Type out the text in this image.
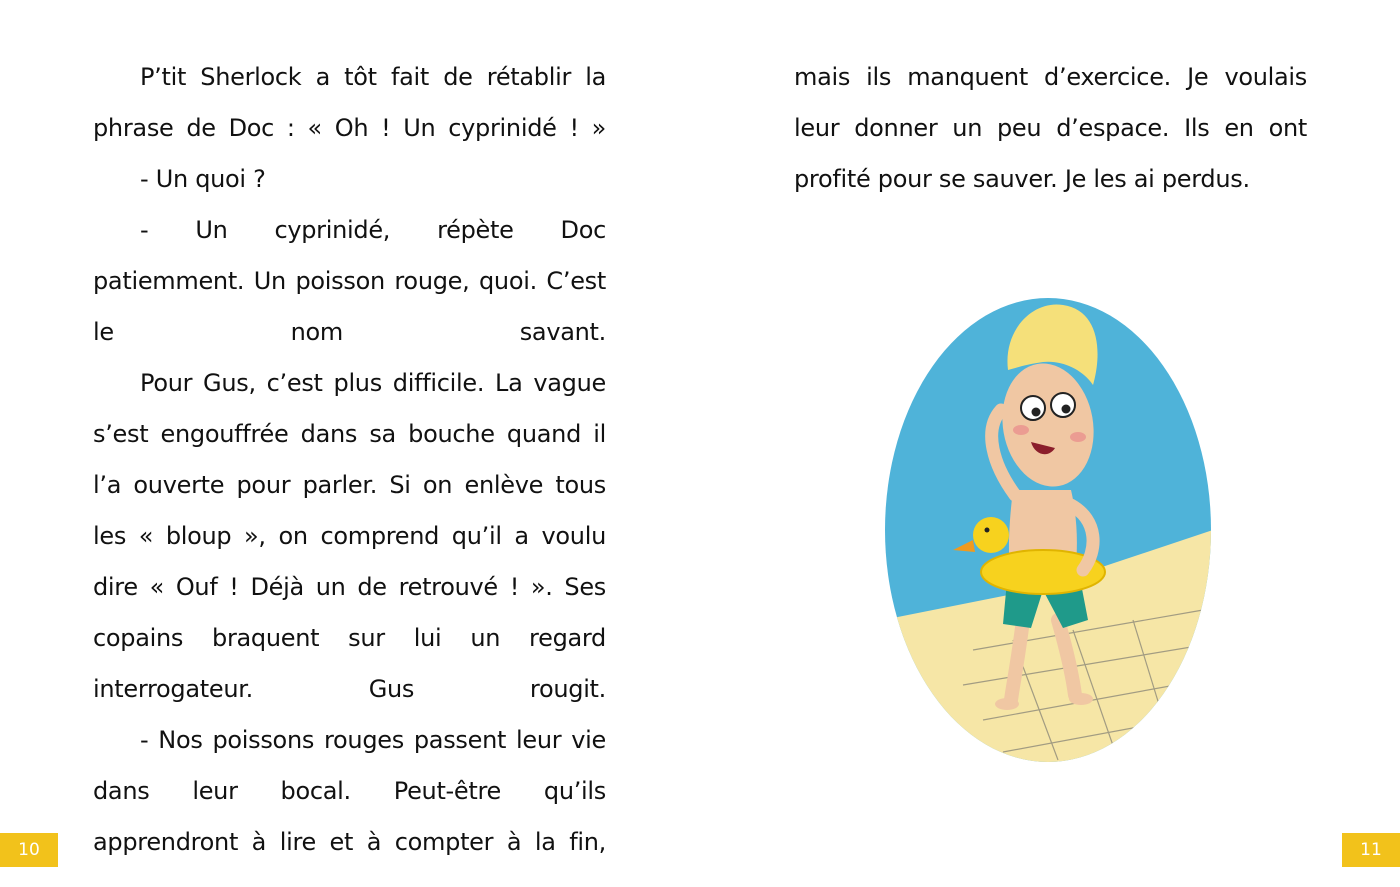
P’tit Sherlock a tôt fait de rétablir la phrase de Doc : « Oh ! Un cyprinidé ! »

- Un quoi ?

- Un cyprinidé, répète Doc patiemment. Un poisson rouge, quoi. C’est le nom savant.

Pour Gus, c’est plus difficile. La vague s’est engouffrée dans sa bouche quand il l’a ouverte pour parler. Si on enlève tous les « bloup », on comprend qu’il a voulu dire « Ouf ! Déjà un de retrouvé ! ». Ses copains braquent sur lui un regard interrogateur. Gus rougit.

- Nos poissons rouges passent leur vie dans leur bocal. Peut-être qu’ils apprendront à lire et à compter à la fin,

10

mais ils manquent d’exercice. Je voulais leur donner un peu d’espace. Ils en ont profité pour se sauver. Je les ai perdus.

11
